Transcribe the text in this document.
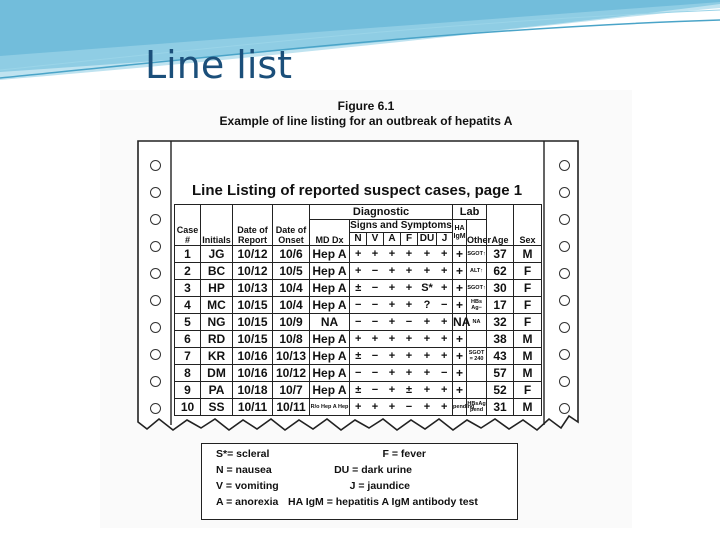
Line list
Figure 6.1
Example of line listing for an outbreak of hepatits A
Line Listing of reported suspect cases, page 1
Case #	Initials	Date of Report	Date of Onset	Diagnostic							Lab		Age	Sex
				MD Dx	Signs and Symptoms						HA IgM	Other		
					N	V	A	F	DU	J				
1	JG	10/12	10/6	Hep A	+	+	+	+	+	+	+	SGOT↑	37	M
2	BC	10/12	10/5	Hep A	+	−	+	+	+	+	+	ALT↑	62	F
3	HP	10/13	10/4	Hep A	±	−	+	+	S*	+	+	SGOT↑	30	F
4	MC	10/15	10/4	Hep A	−	−	+	+	?	−	+	HBs Ag−	17	F
5	NG	10/15	10/9	NA	−	−	+	−	+	+	NA	NA	32	F
6	RD	10/15	10/8	Hep A	+	+	+	+	+	+	+		38	M
7	KR	10/16	10/13	Hep A	±	−	+	+	+	+	+	SGOT = 240	43	M
8	DM	10/16	10/12	Hep A	−	−	+	+	+	−	+		57	M
9	PA	10/18	10/7	Hep A	±	−	+	±	+	+	+		52	F
10	SS	10/11	10/11	R/o Hep A Hep	+	+	+	−	+	+	pending	HBsAg pend	31	M
S*= scleral
N = nausea
V = vomiting
A = anorexia
F = fever
DU = dark urine
J = jaundice
HA IgM = hepatitis A IgM antibody test
